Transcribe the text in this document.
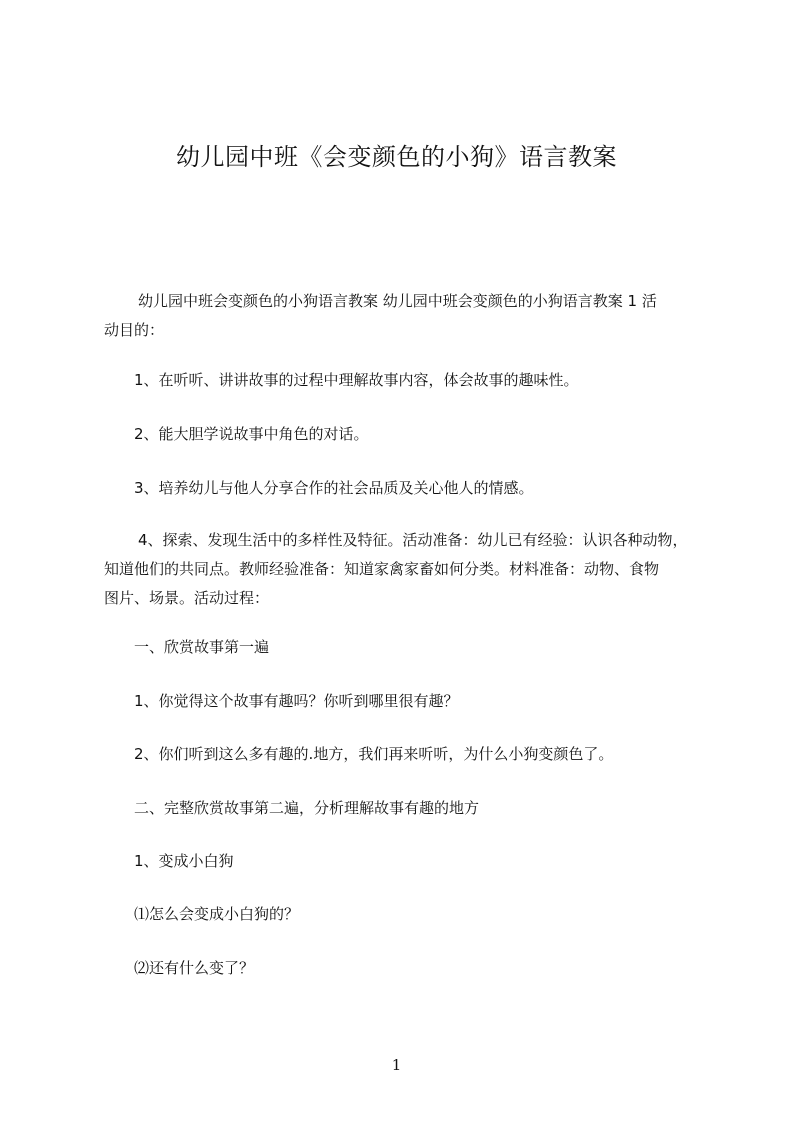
幼儿园中班《会变颜色的小狗》语言教案

幼儿园中班会变颜色的小狗语言教案 幼儿园中班会变颜色的小狗语言教案 1 活
动目的：

1、在听听、讲讲故事的过程中理解故事内容，体会故事的趣味性。

2、能大胆学说故事中角色的对话。

3、培养幼儿与他人分享合作的社会品质及关心他人的情感。

4、探索、发现生活中的多样性及特征。活动准备：幼儿已有经验：认识各种动物，
知道他们的共同点。教师经验准备：知道家禽家畜如何分类。材料准备：动物、食物
图片、场景。活动过程：

一、欣赏故事第一遍

1、你觉得这个故事有趣吗？你听到哪里很有趣？

2、你们听到这么多有趣的.地方，我们再来听听，为什么小狗变颜色了。

二、完整欣赏故事第二遍，分析理解故事有趣的地方

1、变成小白狗

⑴怎么会变成小白狗的？

⑵还有什么变了？

1
